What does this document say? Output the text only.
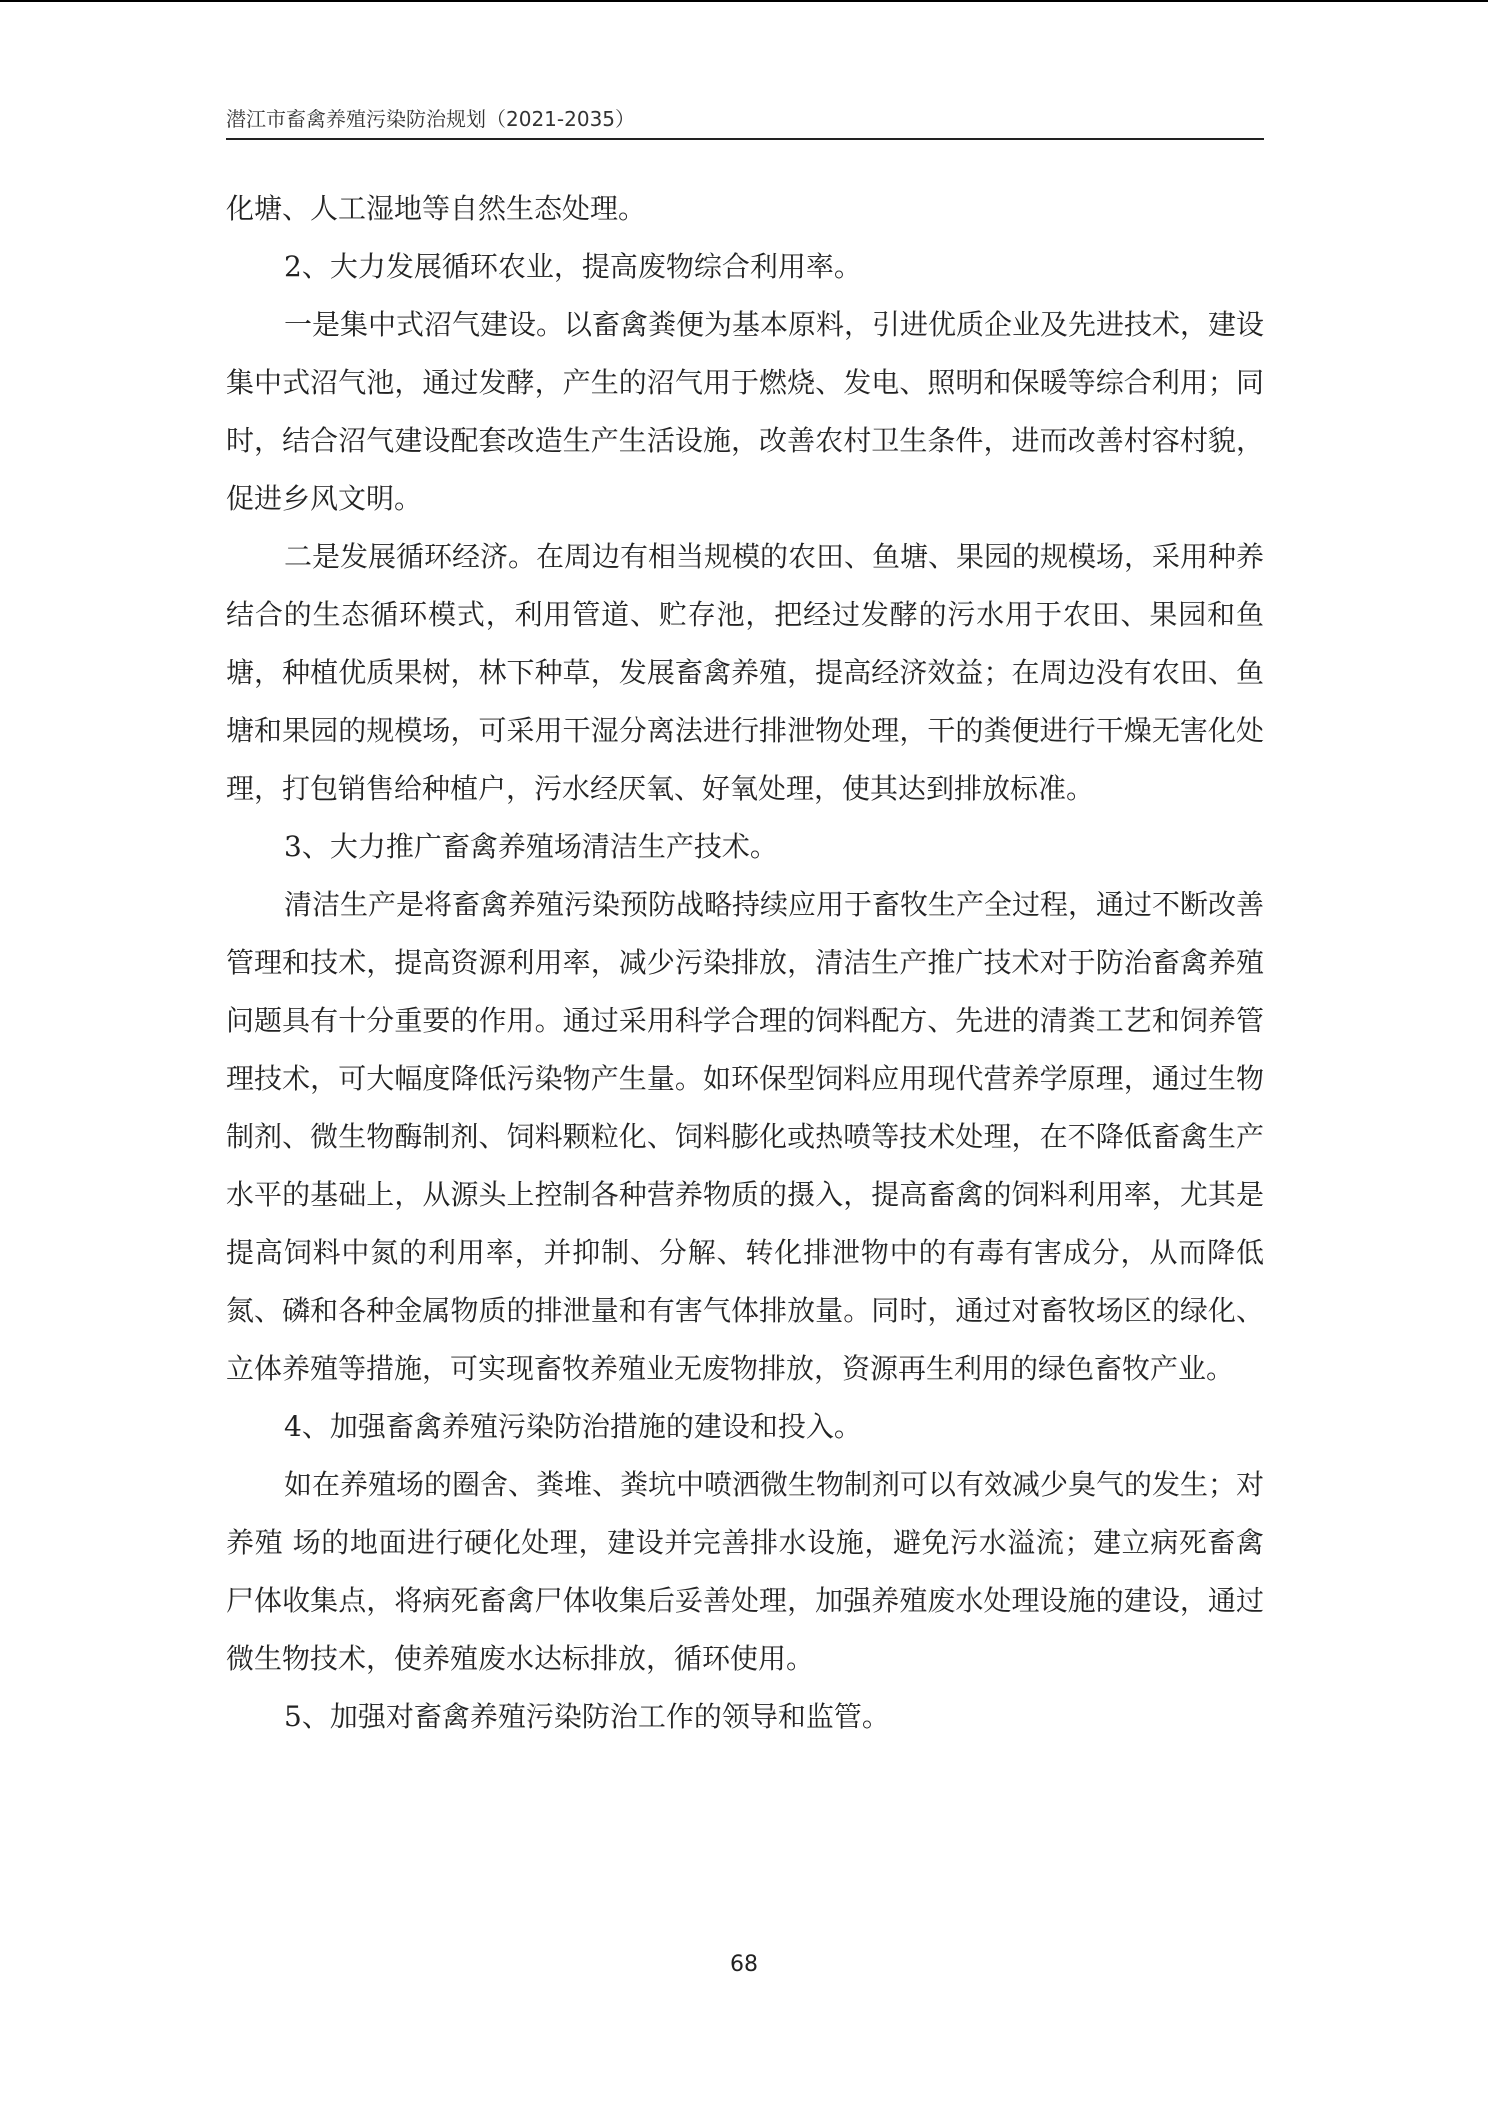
潜江市畜禽养殖污染防治规划（2021-2035）

化塘、人工湿地等自然生态处理。

2、大力发展循环农业，提高废物综合利用率。

一是集中式沼气建设。以畜禽粪便为基本原料，引进优质企业及先进技术，建设集中式沼气池，通过发酵，产生的沼气用于燃烧、发电、照明和保暖等综合利用；同时，结合沼气建设配套改造生产生活设施，改善农村卫生条件，进而改善村容村貌，促进乡风文明。

二是发展循环经济。在周边有相当规模的农田、鱼塘、果园的规模场，采用种养结合的生态循环模式，利用管道、贮存池，把经过发酵的污水用于农田、果园和鱼塘，种植优质果树，林下种草，发展畜禽养殖，提高经济效益；在周边没有农田、鱼塘和果园的规模场，可采用干湿分离法进行排泄物处理，干的粪便进行干燥无害化处理，打包销售给种植户，污水经厌氧、好氧处理，使其达到排放标准。

3、大力推广畜禽养殖场清洁生产技术。

清洁生产是将畜禽养殖污染预防战略持续应用于畜牧生产全过程，通过不断改善管理和技术，提高资源利用率，减少污染排放，清洁生产推广技术对于防治畜禽养殖问题具有十分重要的作用。通过采用科学合理的饲料配方、先进的清粪工艺和饲养管理技术，可大幅度降低污染物产生量。如环保型饲料应用现代营养学原理，通过生物制剂、微生物酶制剂、饲料颗粒化、饲料膨化或热喷等技术处理，在不降低畜禽生产水平的基础上，从源头上控制各种营养物质的摄入，提高畜禽的饲料利用率，尤其是提高饲料中氮的利用率，并抑制、分解、转化排泄物中的有毒有害成分，从而降低氮、磷和各种金属物质的排泄量和有害气体排放量。同时，通过对畜牧场区的绿化、立体养殖等措施，可实现畜牧养殖业无废物排放，资源再生利用的绿色畜牧产业。

4、加强畜禽养殖污染防治措施的建设和投入。

如在养殖场的圈舍、粪堆、粪坑中喷洒微生物制剂可以有效减少臭气的发生；对养殖 场的地面进行硬化处理，建设并完善排水设施，避免污水溢流；建立病死畜禽尸体收集点，将病死畜禽尸体收集后妥善处理，加强养殖废水处理设施的建设，通过微生物技术，使养殖废水达标排放，循环使用。

5、加强对畜禽养殖污染防治工作的领导和监管。

68
